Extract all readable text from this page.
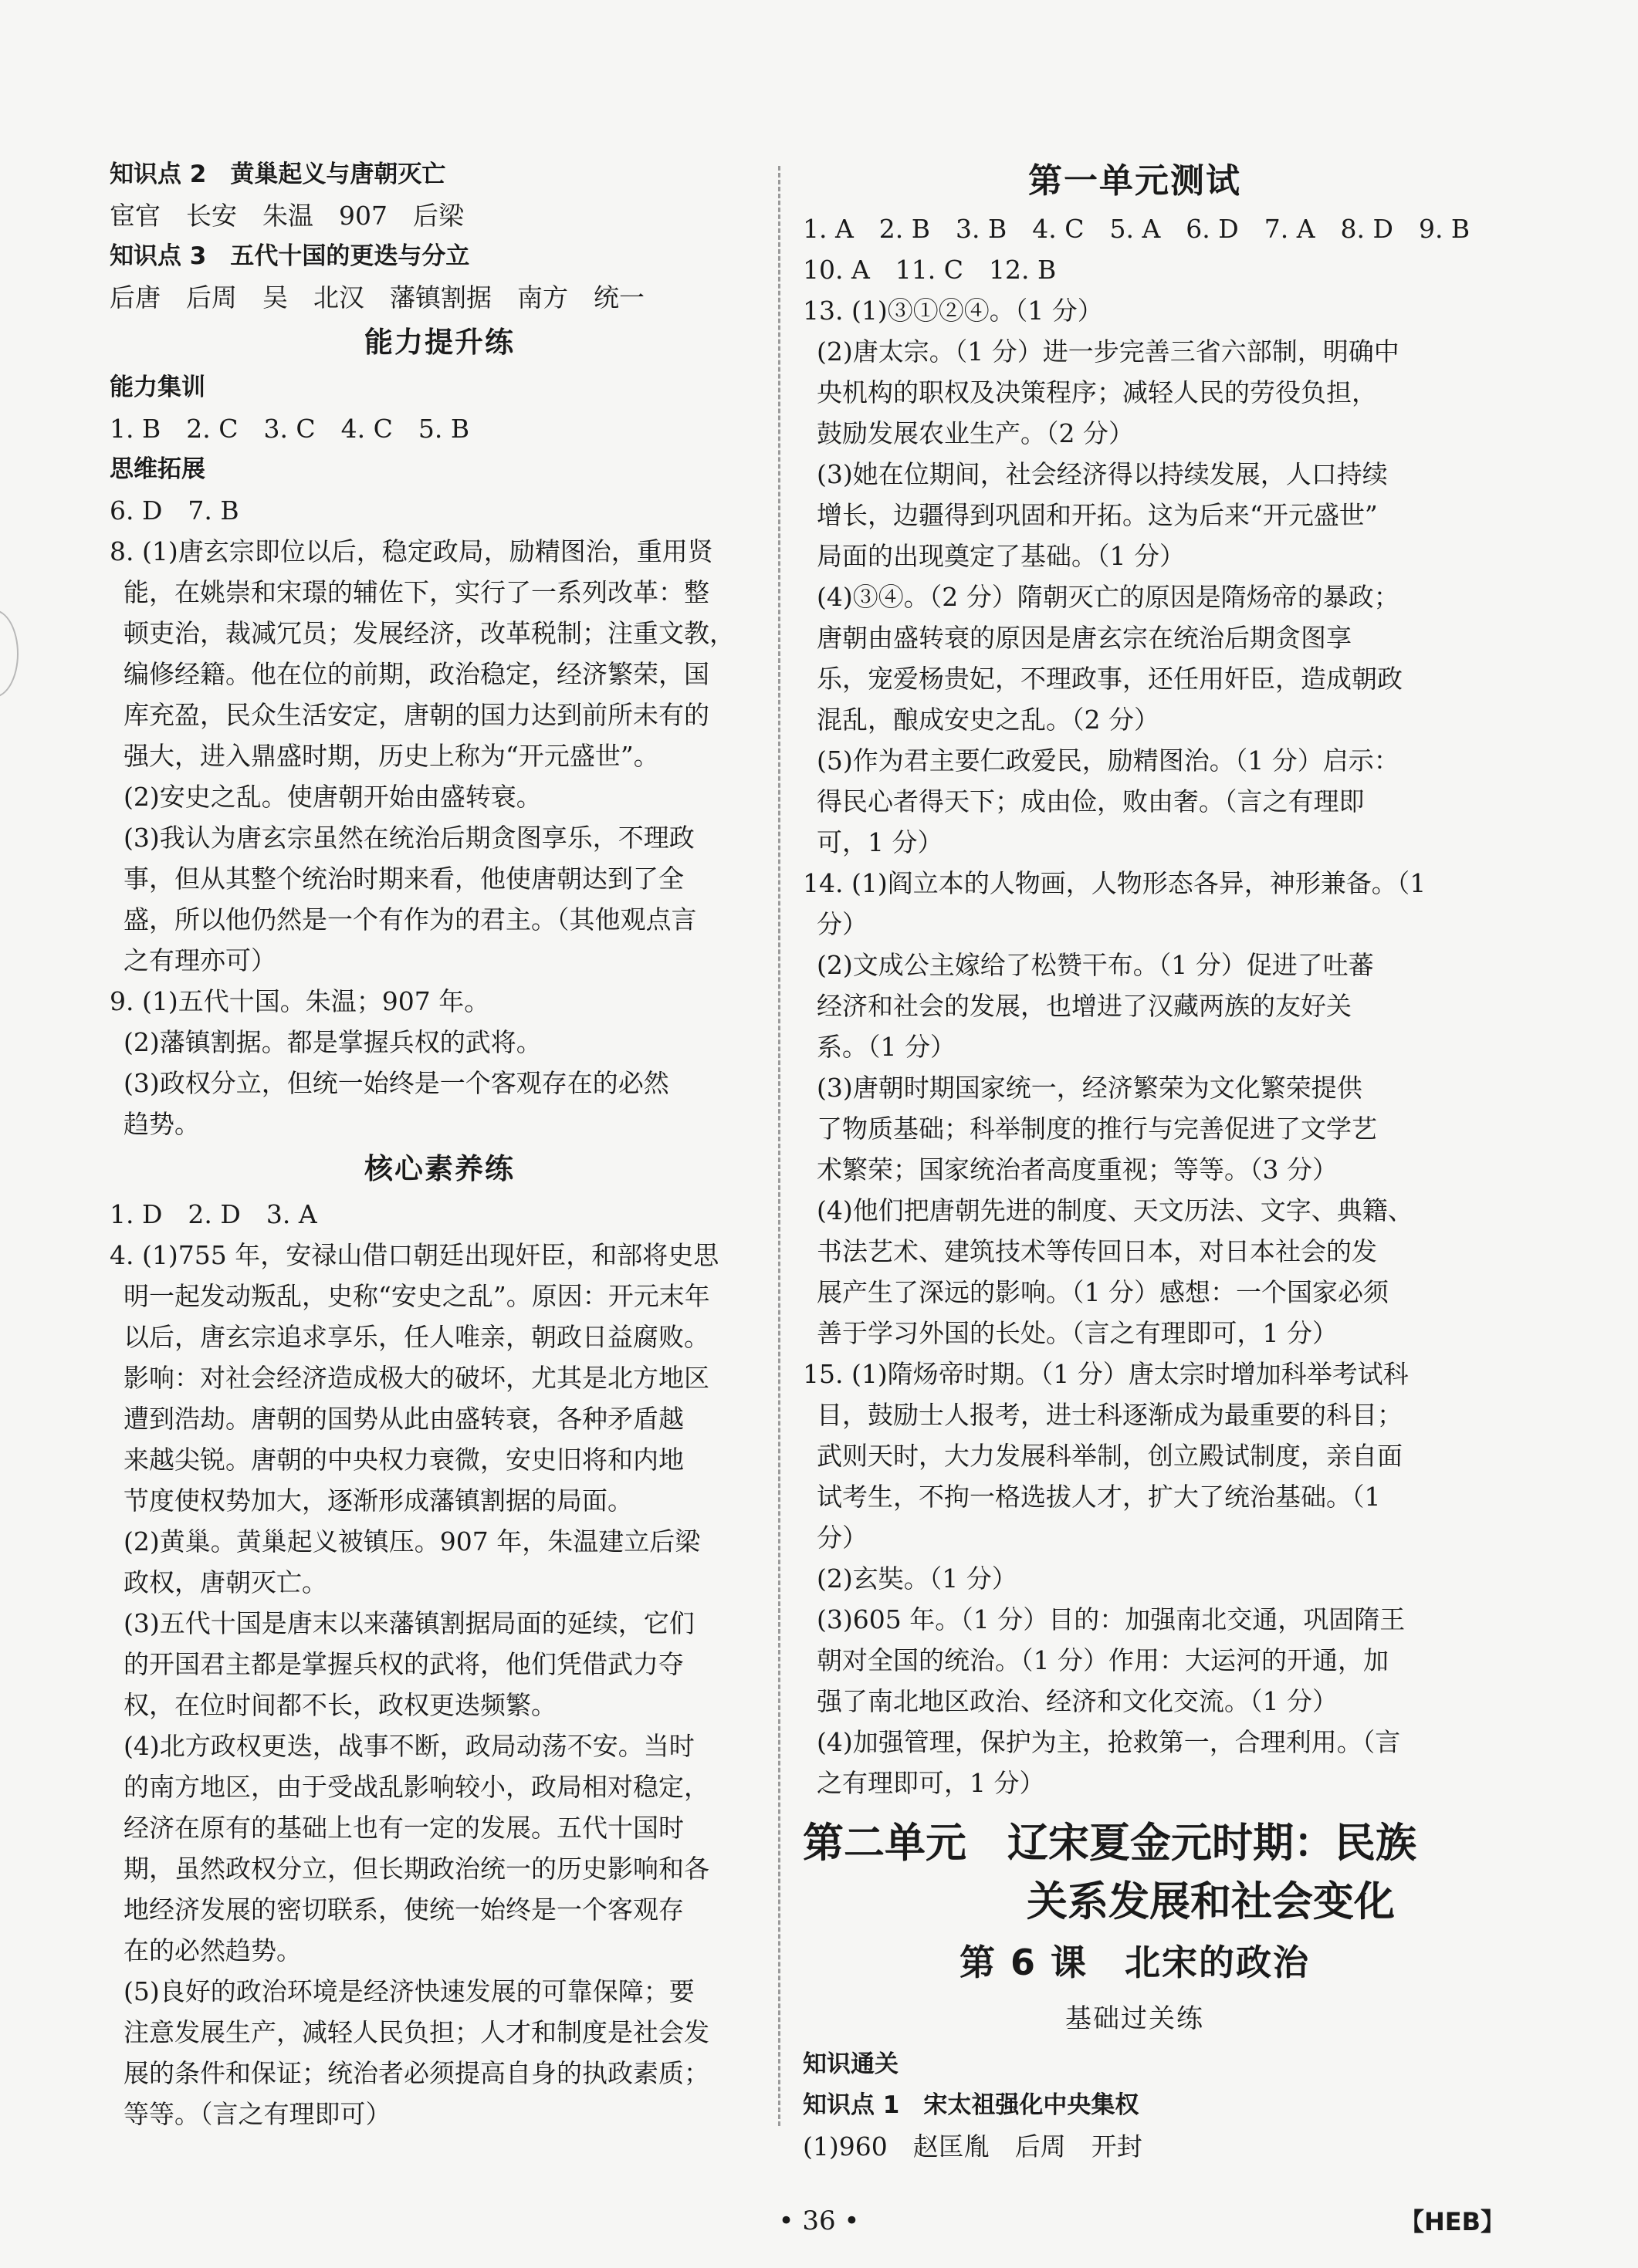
知识点 2　黄巢起义与唐朝灭亡
宦官　长安　朱温　907　后梁
知识点 3　五代十国的更迭与分立
后唐　后周　吴　北汉　藩镇割据　南方　统一
能力提升练
能力集训
1. B　2. C　3. C　4. C　5. B
思维拓展
6. D　7. B
8. (1)唐玄宗即位以后，稳定政局，励精图治，重用贤
能，在姚崇和宋璟的辅佐下，实行了一系列改革：整
顿吏治，裁减冗员；发展经济，改革税制；注重文教，
编修经籍。他在位的前期，政治稳定，经济繁荣，国
库充盈，民众生活安定，唐朝的国力达到前所未有的
强大，进入鼎盛时期，历史上称为“开元盛世”。
(2)安史之乱。使唐朝开始由盛转衰。
(3)我认为唐玄宗虽然在统治后期贪图享乐，不理政
事，但从其整个统治时期来看，他使唐朝达到了全
盛，所以他仍然是一个有作为的君主。（其他观点言
之有理亦可）
9. (1)五代十国。朱温；907 年。
(2)藩镇割据。都是掌握兵权的武将。
(3)政权分立，但统一始终是一个客观存在的必然
趋势。
核心素养练
1. D　2. D　3. A
4. (1)755 年，安禄山借口朝廷出现奸臣，和部将史思
明一起发动叛乱，史称“安史之乱”。原因：开元末年
以后，唐玄宗追求享乐，任人唯亲，朝政日益腐败。
影响：对社会经济造成极大的破坏，尤其是北方地区
遭到浩劫。唐朝的国势从此由盛转衰，各种矛盾越
来越尖锐。唐朝的中央权力衰微，安史旧将和内地
节度使权势加大，逐渐形成藩镇割据的局面。
(2)黄巢。黄巢起义被镇压。907 年，朱温建立后梁
政权，唐朝灭亡。
(3)五代十国是唐末以来藩镇割据局面的延续，它们
的开国君主都是掌握兵权的武将，他们凭借武力夺
权，在位时间都不长，政权更迭频繁。
(4)北方政权更迭，战事不断，政局动荡不安。当时
的南方地区，由于受战乱影响较小，政局相对稳定，
经济在原有的基础上也有一定的发展。五代十国时
期，虽然政权分立，但长期政治统一的历史影响和各
地经济发展的密切联系，使统一始终是一个客观存
在的必然趋势。
(5)良好的政治环境是经济快速发展的可靠保障；要
注意发展生产，减轻人民负担；人才和制度是社会发
展的条件和保证；统治者必须提高自身的执政素质；
等等。（言之有理即可）
第一单元测试
1. A　2. B　3. B　4. C　5. A　6. D　7. A　8. D　9. B
10. A　11. C　12. B
13. (1)③①②④。（1 分）
(2)唐太宗。（1 分）进一步完善三省六部制，明确中
央机构的职权及决策程序；减轻人民的劳役负担，
鼓励发展农业生产。（2 分）
(3)她在位期间，社会经济得以持续发展，人口持续
增长，边疆得到巩固和开拓。这为后来“开元盛世”
局面的出现奠定了基础。（1 分）
(4)③④。（2 分）隋朝灭亡的原因是隋炀帝的暴政；
唐朝由盛转衰的原因是唐玄宗在统治后期贪图享
乐，宠爱杨贵妃，不理政事，还任用奸臣，造成朝政
混乱，酿成安史之乱。（2 分）
(5)作为君主要仁政爱民，励精图治。（1 分）启示：
得民心者得天下；成由俭，败由奢。（言之有理即
可，1 分）
14. (1)阎立本的人物画，人物形态各异，神形兼备。（1
分）
(2)文成公主嫁给了松赞干布。（1 分）促进了吐蕃
经济和社会的发展，也增进了汉藏两族的友好关
系。（1 分）
(3)唐朝时期国家统一，经济繁荣为文化繁荣提供
了物质基础；科举制度的推行与完善促进了文学艺
术繁荣；国家统治者高度重视；等等。（3 分）
(4)他们把唐朝先进的制度、天文历法、文字、典籍、
书法艺术、建筑技术等传回日本，对日本社会的发
展产生了深远的影响。（1 分）感想：一个国家必须
善于学习外国的长处。（言之有理即可，1 分）
15. (1)隋炀帝时期。（1 分）唐太宗时增加科举考试科
目，鼓励士人报考，进士科逐渐成为最重要的科目；
武则天时，大力发展科举制，创立殿试制度，亲自面
试考生，不拘一格选拔人才，扩大了统治基础。（1
分）
(2)玄奘。（1 分）
(3)605 年。（1 分）目的：加强南北交通，巩固隋王
朝对全国的统治。（1 分）作用：大运河的开通，加
强了南北地区政治、经济和文化交流。（1 分）
(4)加强管理，保护为主，抢救第一，合理利用。（言
之有理即可，1 分）
第二单元　辽宋夏金元时期：民族
关系发展和社会变化
第 6 课　北宋的政治
基础过关练
知识通关
知识点 1　宋太祖强化中央集权
(1)960　赵匡胤　后周　开封
• 36 •	【HEB】
